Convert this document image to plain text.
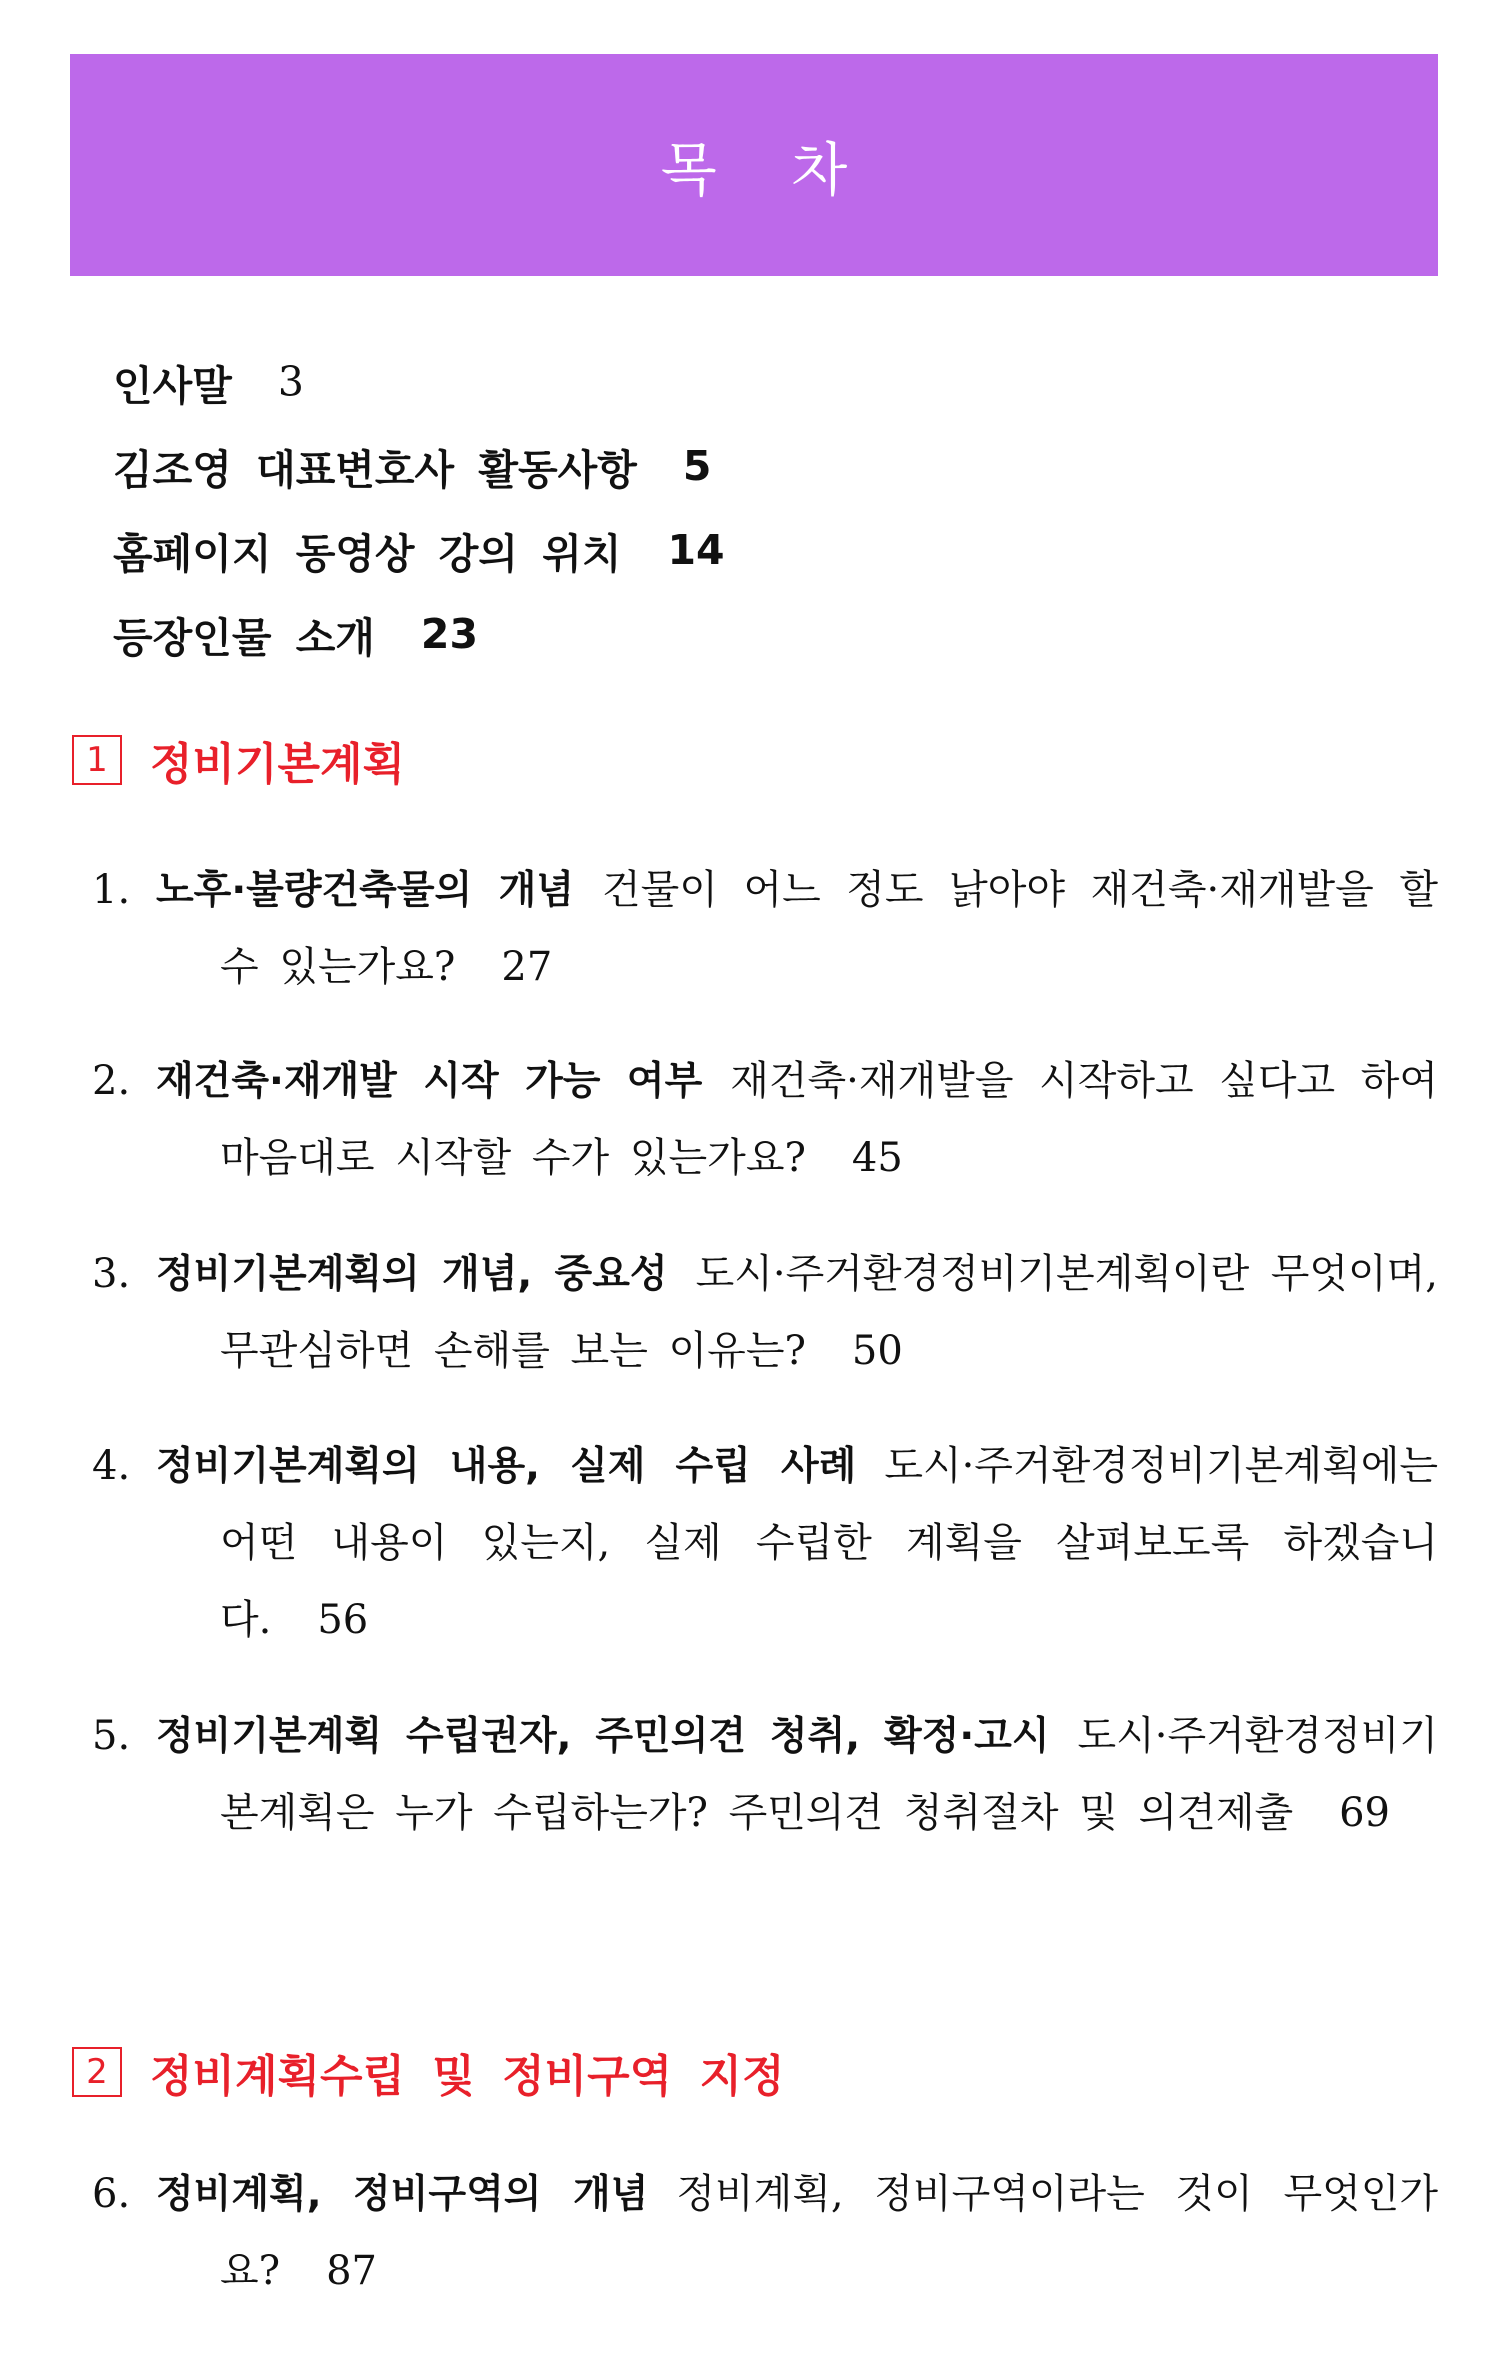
목 차
인사말 3
김조영 대표변호사 활동사항 5
홈페이지 동영상 강의 위치 14
등장인물 소개 23
1 정비기본계획
1. 노후·불량건축물의 개념 건물이 어느 정도 낡아야 재건축·재개발을 할 수 있는가요? 27
2. 재건축·재개발 시작 가능 여부 재건축·재개발을 시작하고 싶다고 하여 마음대로 시작할 수가 있는가요? 45
3. 정비기본계획의 개념, 중요성 도시·주거환경정비기본계획이란 무엇이며, 무관심하면 손해를 보는 이유는? 50
4. 정비기본계획의 내용, 실제 수립 사례 도시·주거환경정비기본계획에는 어떤 내용이 있는지, 실제 수립한 계획을 살펴보도록 하겠습니다. 56
5. 정비기본계획 수립권자, 주민의견 청취, 확정·고시 도시·주거환경정비기본계획은 누가 수립하는가? 주민의견 청취절차 및 의견제출 69
2 정비계획수립 및 정비구역 지정
6. 정비계획, 정비구역의 개념 정비계획, 정비구역이라는 것이 무엇인가요? 87
